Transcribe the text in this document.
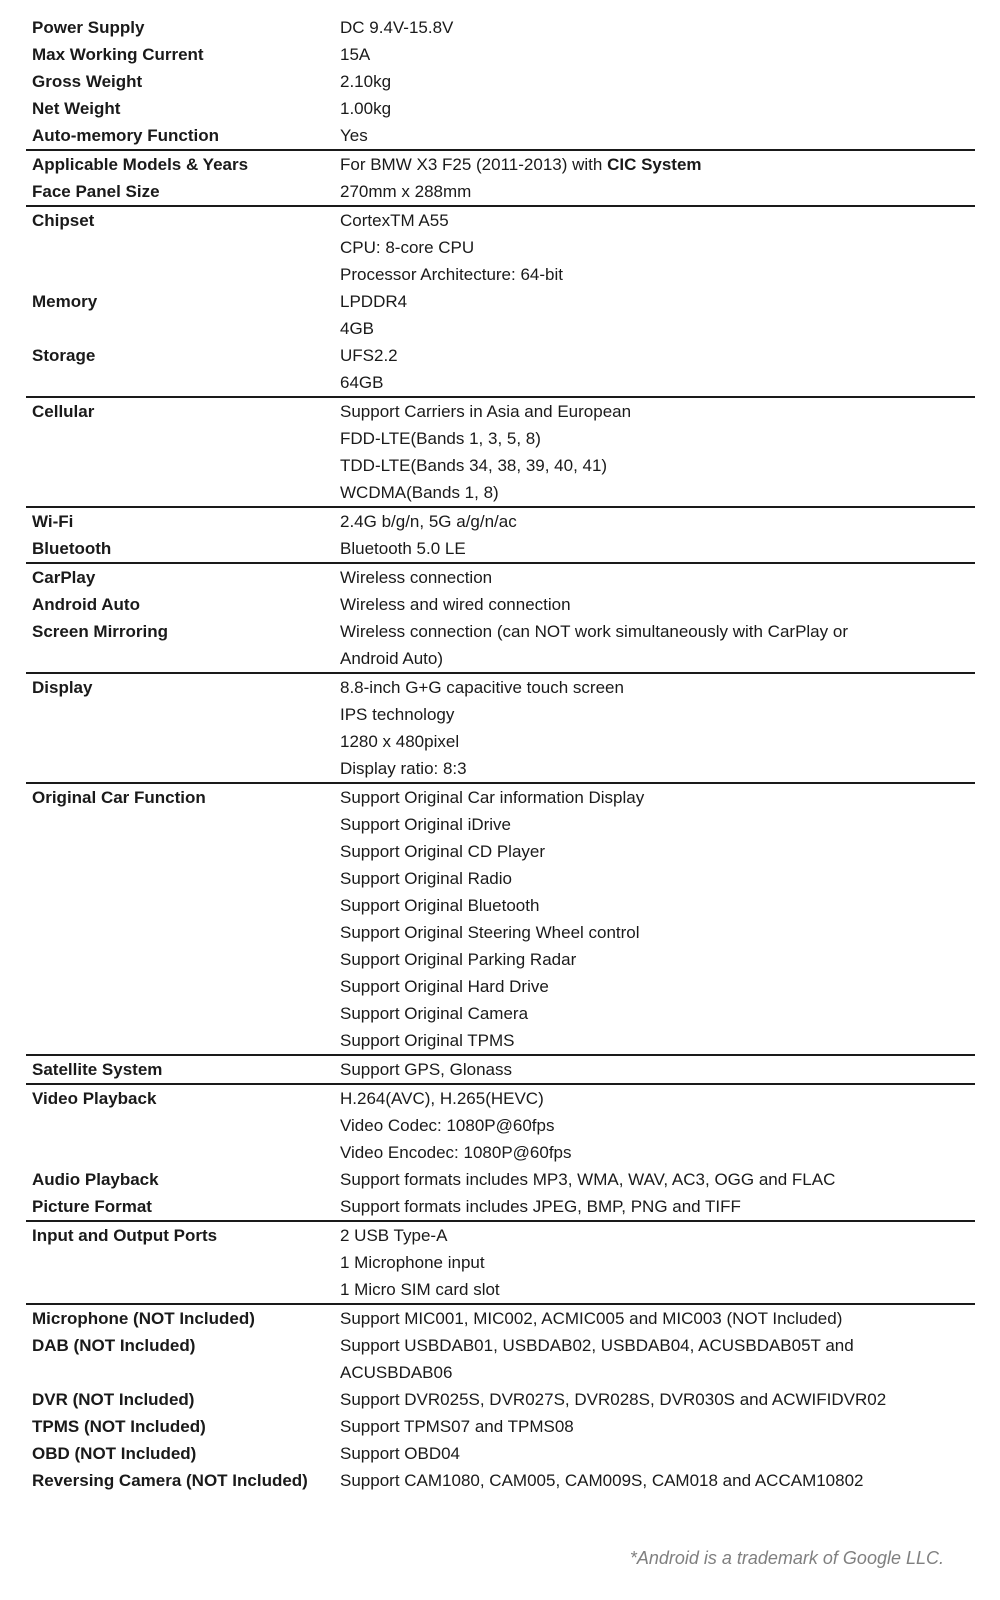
Power Supply	DC 9.4V-15.8V
Max Working Current	15A
Gross Weight	2.10kg
Net Weight	1.00kg
Auto-memory Function	Yes
Applicable Models & Years	For BMW X3 F25 (2011-2013) with CIC System
Face Panel Size	270mm x 288mm
Chipset	CortexTM A55
CPU: 8-core CPU
Processor Architecture: 64-bit
Memory	LPDDR4
4GB
Storage	UFS2.2
64GB
Cellular	Support Carriers in Asia and European
FDD-LTE(Bands 1, 3, 5, 8)
TDD-LTE(Bands 34, 38, 39, 40, 41)
WCDMA(Bands 1, 8)
Wi-Fi	2.4G b/g/n, 5G a/g/n/ac
Bluetooth	Bluetooth 5.0 LE
CarPlay	Wireless connection
Android Auto	Wireless and wired connection
Screen Mirroring	Wireless connection (can NOT work simultaneously with CarPlay or
Android Auto)
Display	8.8-inch G+G capacitive touch screen
IPS technology
1280 x 480pixel
Display ratio: 8:3
Original Car Function	Support Original Car information Display
Support Original iDrive
Support Original CD Player
Support Original Radio
Support Original Bluetooth
Support Original Steering Wheel control
Support Original Parking Radar
Support Original Hard Drive
Support Original Camera
Support Original TPMS
Satellite System	Support GPS, Glonass
Video Playback	H.264(AVC), H.265(HEVC)
Video Codec: 1080P@60fps
Video Encodec: 1080P@60fps
Audio Playback	Support formats includes MP3, WMA, WAV, AC3, OGG and FLAC
Picture Format	Support formats includes JPEG, BMP, PNG and TIFF
Input and Output Ports	2 USB Type-A
1 Microphone input
1 Micro SIM card slot
Microphone (NOT Included)	Support MIC001, MIC002, ACMIC005 and MIC003 (NOT Included)
DAB (NOT Included)	Support USBDAB01, USBDAB02, USBDAB04, ACUSBDAB05T and
ACUSBDAB06
DVR (NOT Included)	Support DVR025S, DVR027S, DVR028S, DVR030S and ACWIFIDVR02
TPMS (NOT Included)	Support TPMS07 and TPMS08
OBD (NOT Included)	Support OBD04
Reversing Camera (NOT Included)	Support CAM1080, CAM005, CAM009S, CAM018 and ACCAM10802
*Android is a trademark of Google LLC.
